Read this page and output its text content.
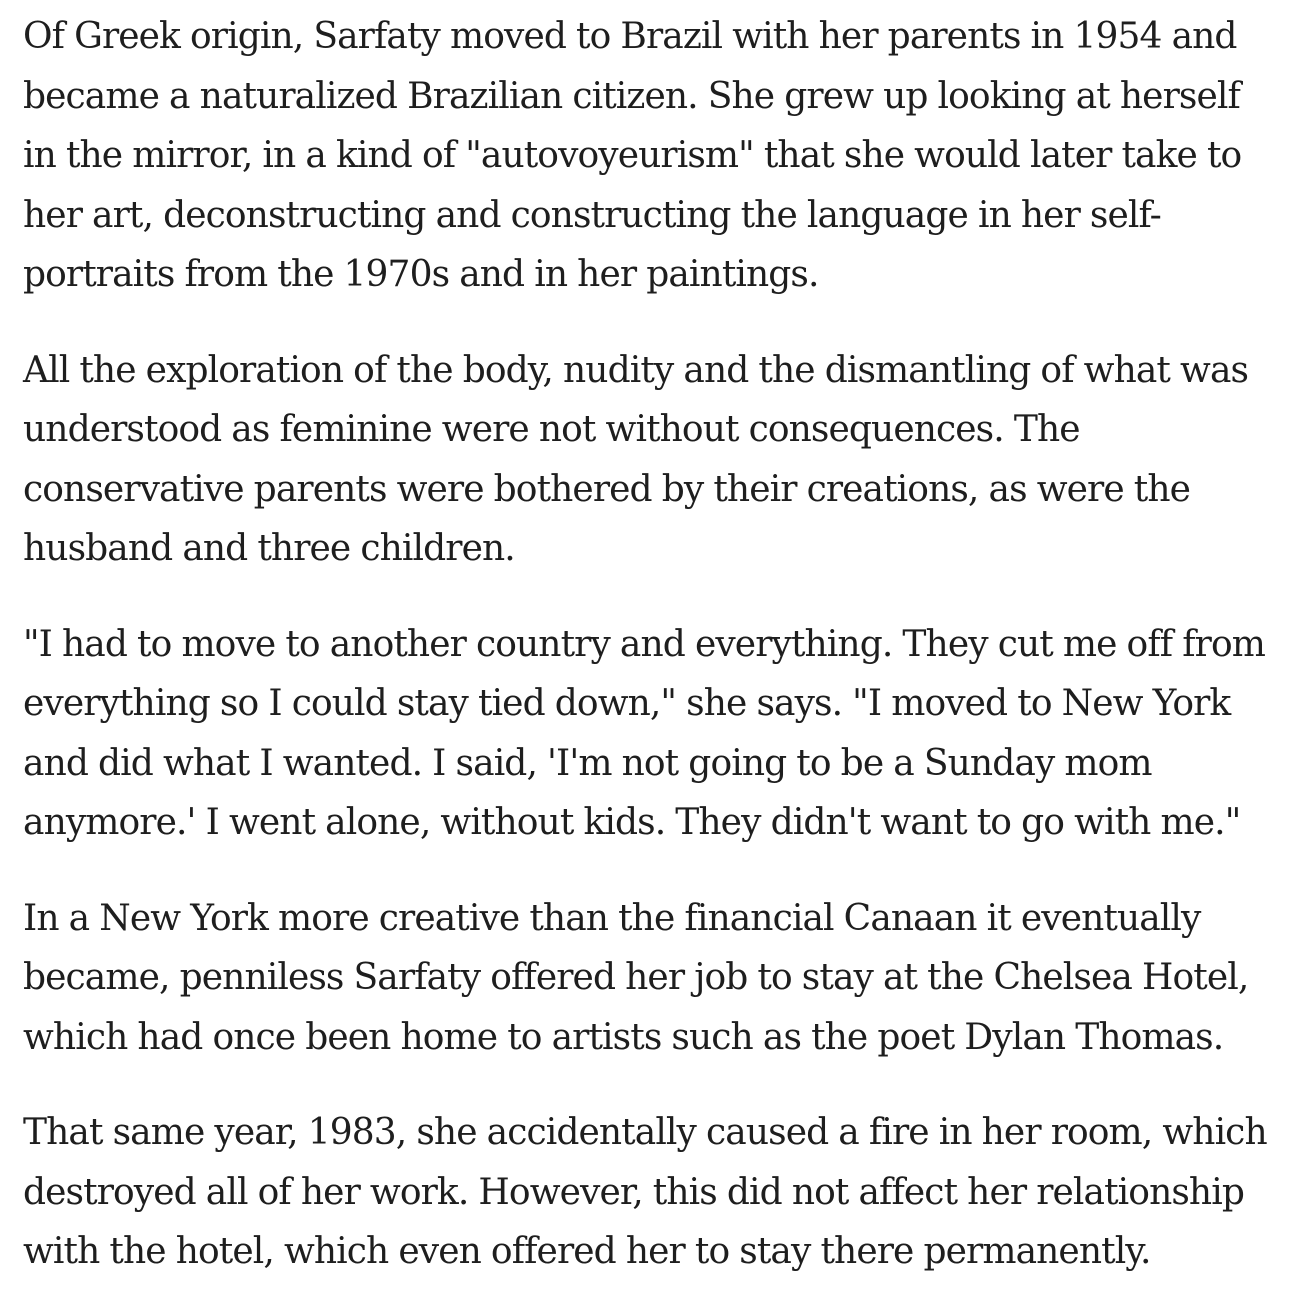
Of Greek origin, Sarfaty moved to Brazil with her parents in 1954 and became a naturalized Brazilian citizen. She grew up looking at herself in the mirror, in a kind of "autovoyeurism" that she would later take to her art, deconstructing and constructing the language in her self-portraits from the 1970s and in her paintings.

All the exploration of the body, nudity and the dismantling of what was understood as feminine were not without consequences. The conservative parents were bothered by their creations, as were the husband and three children.

"I had to move to another country and everything. They cut me off from everything so I could stay tied down," she says. "I moved to New York and did what I wanted. I said, 'I'm not going to be a Sunday mom anymore.' I went alone, without kids. They didn't want to go with me."

In a New York more creative than the financial Canaan it eventually became, penniless Sarfaty offered her job to stay at the Chelsea Hotel, which had once been home to artists such as the poet Dylan Thomas.

That same year, 1983, she accidentally caused a fire in her room, which destroyed all of her work. However, this did not affect her relationship with the hotel, which even offered her to stay there permanently.
